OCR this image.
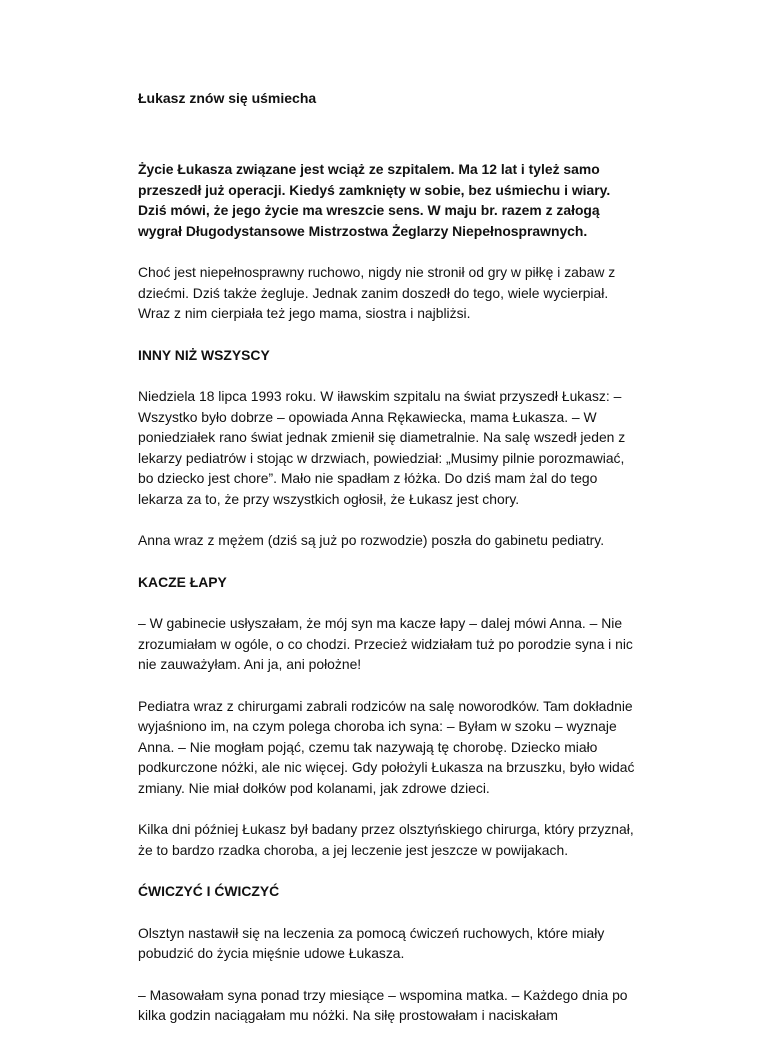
Łukasz znów się uśmiecha

Życie Łukasza związane jest wciąż ze szpitalem. Ma 12 lat i tyleż samo przeszedł już operacji. Kiedyś zamknięty w sobie, bez uśmiechu i wiary. Dziś mówi, że jego życie ma wreszcie sens. W maju br. razem z załogą wygrał Długodystansowe Mistrzostwa Żeglarzy Niepełnosprawnych.

Choć jest niepełnosprawny ruchowo, nigdy nie stronił od gry w piłkę i zabaw z dziećmi. Dziś także żegluje. Jednak zanim doszedł do tego, wiele wycierpiał. Wraz z nim cierpiała też jego mama, siostra i najbliżsi.

INNY NIŻ WSZYSCY

Niedziela 18 lipca 1993 roku. W iławskim szpitalu na świat przyszedł Łukasz: – Wszystko było dobrze – opowiada Anna Rękawiecka, mama Łukasza. – W poniedziałek rano świat jednak zmienił się diametralnie. Na salę wszedł jeden z lekarzy pediatrów i stojąc w drzwiach, powiedział: „Musimy pilnie porozmawiać, bo dziecko jest chore”. Mało nie spadłam z łóżka. Do dziś mam żal do tego lekarza za to, że przy wszystkich ogłosił, że Łukasz jest chory.

Anna wraz z mężem (dziś są już po rozwodzie) poszła do gabinetu pediatry.

KACZE ŁAPY

– W gabinecie usłyszałam, że mój syn ma kacze łapy – dalej mówi Anna. – Nie zrozumiałam w ogóle, o co chodzi. Przecież widziałam tuż po porodzie syna i nic nie zauważyłam. Ani ja, ani położne!

Pediatra wraz z chirurgami zabrali rodziców na salę noworodków. Tam dokładnie wyjaśniono im, na czym polega choroba ich syna: – Byłam w szoku – wyznaje Anna. – Nie mogłam pojąć, czemu tak nazywają tę chorobę. Dziecko miało podkurczone nóżki, ale nic więcej. Gdy położyli Łukasza na brzuszku, było widać zmiany. Nie miał dołków pod kolanami, jak zdrowe dzieci.

Kilka dni później Łukasz był badany przez olsztyńskiego chirurga, który przyznał, że to bardzo rzadka choroba, a jej leczenie jest jeszcze w powijakach.

ĆWICZYĆ I ĆWICZYĆ

Olsztyn nastawił się na leczenia za pomocą ćwiczeń ruchowych, które miały pobudzić do życia mięśnie udowe Łukasza.

– Masowałam syna ponad trzy miesiące – wspomina matka. – Każdego dnia po kilka godzin naciągałam mu nóżki. Na siłę prostowałam i naciskałam
